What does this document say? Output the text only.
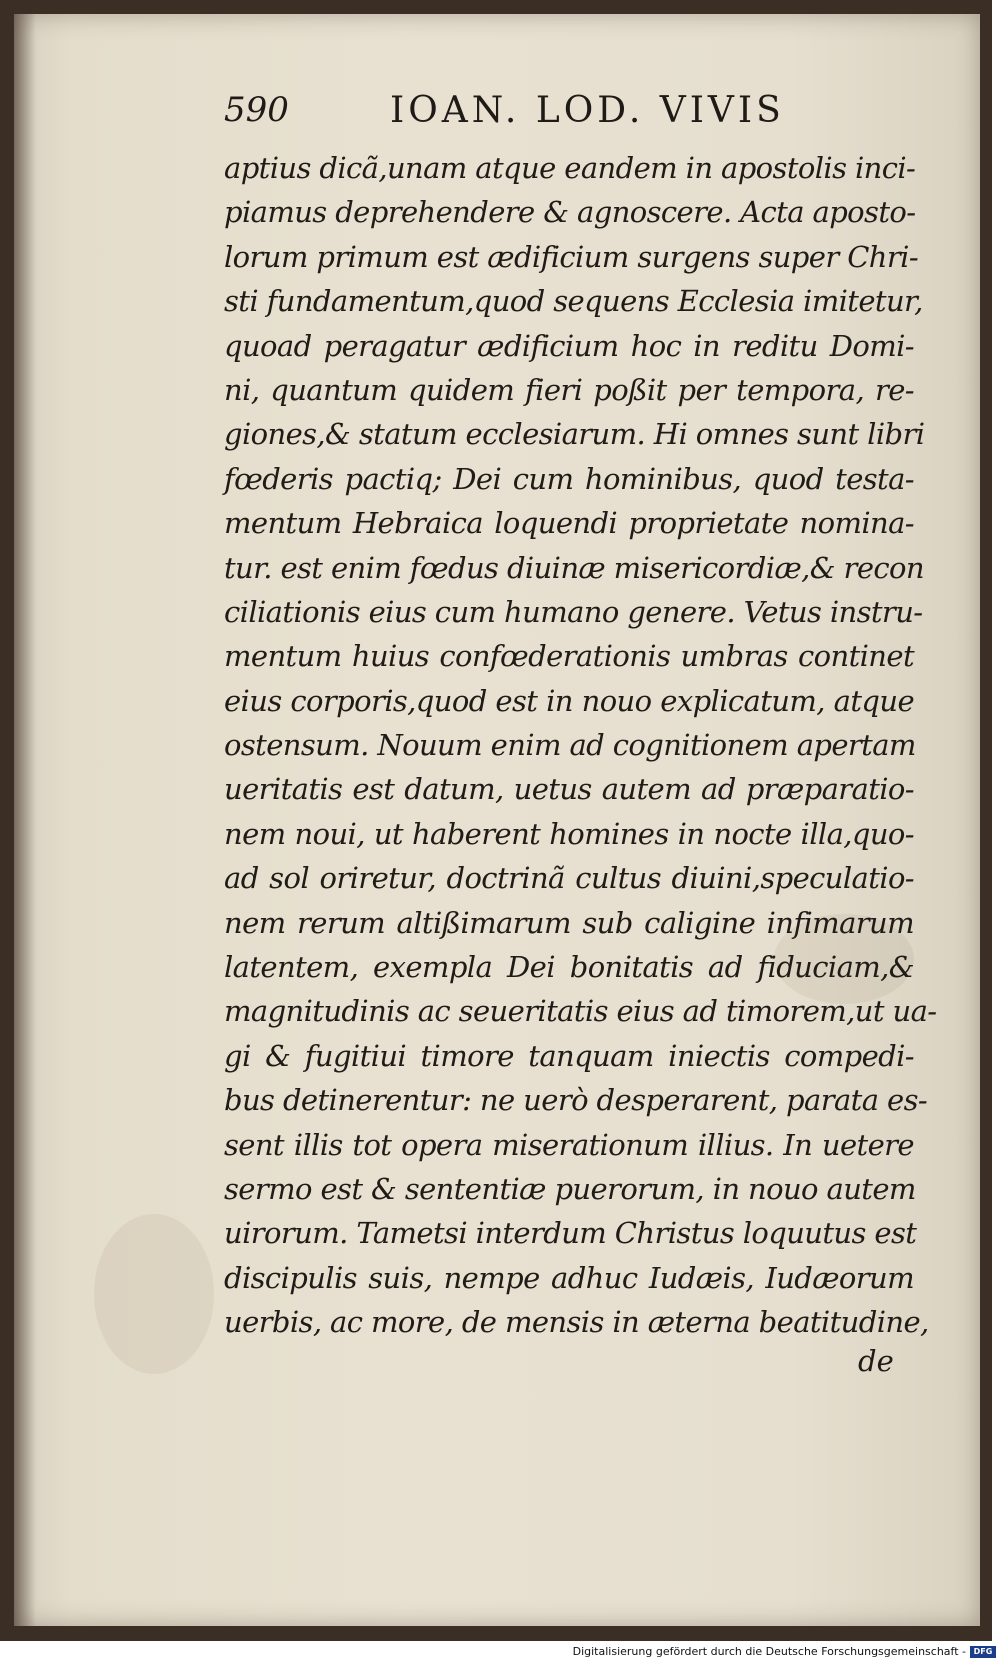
590	IOAN. LOD. VIVIS
aptius dicã,unam atque eandem in apostolis inci-
piamus deprehendere & agnoscere. Acta aposto-
lorum primum est ædificium surgens super Chri-
sti fundamentum,quod sequens Ecclesia imitetur,
quoad peragatur ædificium hoc in reditu Domi-
ni, quantum quidem fieri poßit per tempora, re-
giones,& statum ecclesiarum. Hi omnes sunt libri
fœderis pactiq; Dei cum hominibus, quod testa-
mentum Hebraica loquendi proprietate nomina-
tur. est enim fœdus diuinæ misericordiæ,& recon
ciliationis eius cum humano genere. Vetus instru-
mentum huius confœderationis umbras continet
eius corporis,quod est in nouo explicatum, atque
ostensum. Nouum enim ad cognitionem apertam
ueritatis est datum, uetus autem ad præparatio-
nem noui, ut haberent homines in nocte illa,quo-
ad sol oriretur, doctrinã cultus diuini,speculatio-
nem rerum altißimarum sub caligine infimarum
latentem, exempla Dei bonitatis ad fiduciam,&
magnitudinis ac seueritatis eius ad timorem,ut ua-
gi & fugitiui timore tanquam iniectis compedi-
bus detinerentur: ne uerò desperarent, parata es-
sent illis tot opera miserationum illius. In uetere
sermo est & sententiæ puerorum, in nouo autem
uirorum. Tametsi interdum Christus loquutus est
discipulis suis, nempe adhuc Iudæis, Iudæorum
uerbis, ac more, de mensis in æterna beatitudine,
de
Digitalisierung gefördert durch die Deutsche Forschungsgemeinschaft - DFG
